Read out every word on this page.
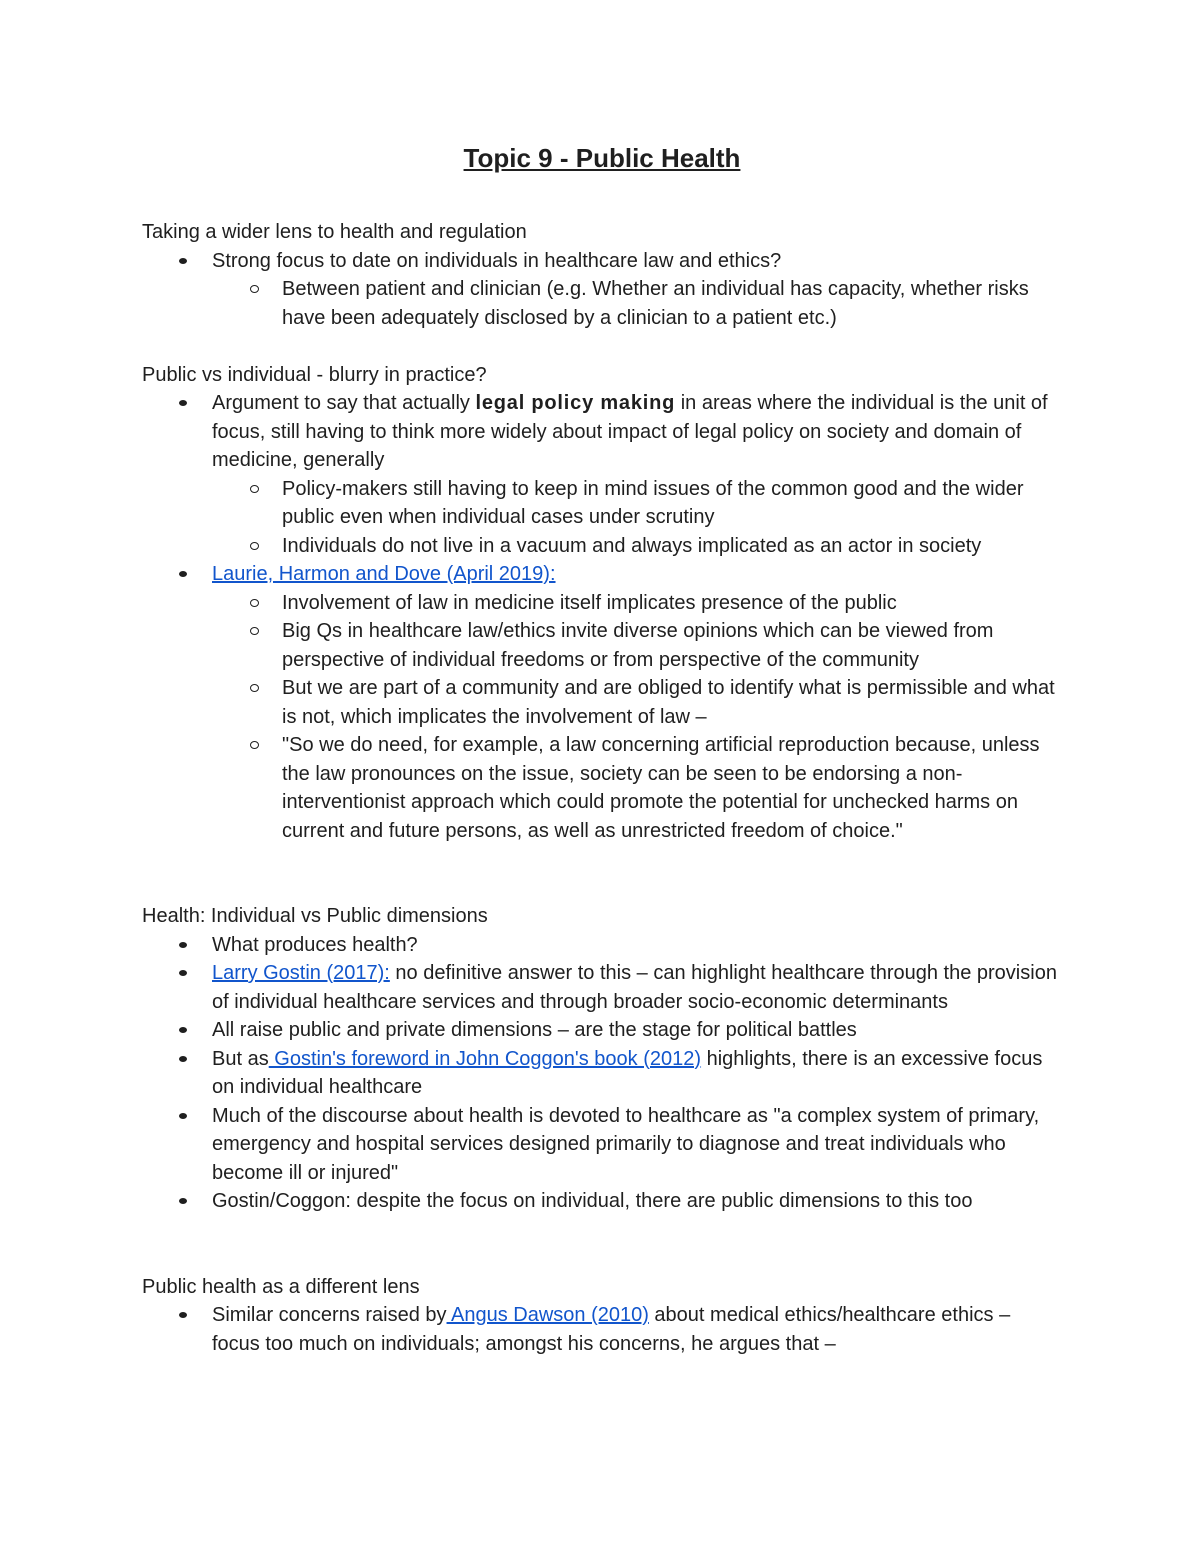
Topic 9 - Public Health

Taking a wider lens to health and regulation

Strong focus to date on individuals in healthcare law and ethics?
Between patient and clinician (e.g. Whether an individual has capacity, whether risks have been adequately disclosed by a clinician to a patient etc.)

Public vs individual - blurry in practice?

Argument to say that actually legal policy making in areas where the individual is the unit of focus, still having to think more widely about impact of legal policy on society and domain of medicine, generally
Policy-makers still having to keep in mind issues of the common good and the wider public even when individual cases under scrutiny
Individuals do not live in a vacuum and always implicated as an actor in society
Laurie, Harmon and Dove (April 2019):
Involvement of law in medicine itself implicates presence of the public
Big Qs in healthcare law/ethics invite diverse opinions which can be viewed from perspective of individual freedoms or from perspective of the community
But we are part of a community and are obliged to identify what is permissible and what is not, which implicates the involvement of law –
"So we do need, for example, a law concerning artificial reproduction because, unless the law pronounces on the issue, society can be seen to be endorsing a non-interventionist approach which could promote the potential for unchecked harms on current and future persons, as well as unrestricted freedom of choice."

Health: Individual vs Public dimensions

What produces health?
Larry Gostin (2017): no definitive answer to this – can highlight healthcare through the provision of individual healthcare services and through broader socio-economic determinants
All raise public and private dimensions – are the stage for political battles
But as Gostin's foreword in John Coggon's book (2012) highlights, there is an excessive focus on individual healthcare
Much of the discourse about health is devoted to healthcare as "a complex system of primary, emergency and hospital services designed primarily to diagnose and treat individuals who become ill or injured"
Gostin/Coggon: despite the focus on individual, there are public dimensions to this too

Public health as a different lens

Similar concerns raised by Angus Dawson (2010) about medical ethics/healthcare ethics – focus too much on individuals; amongst his concerns, he argues that –
